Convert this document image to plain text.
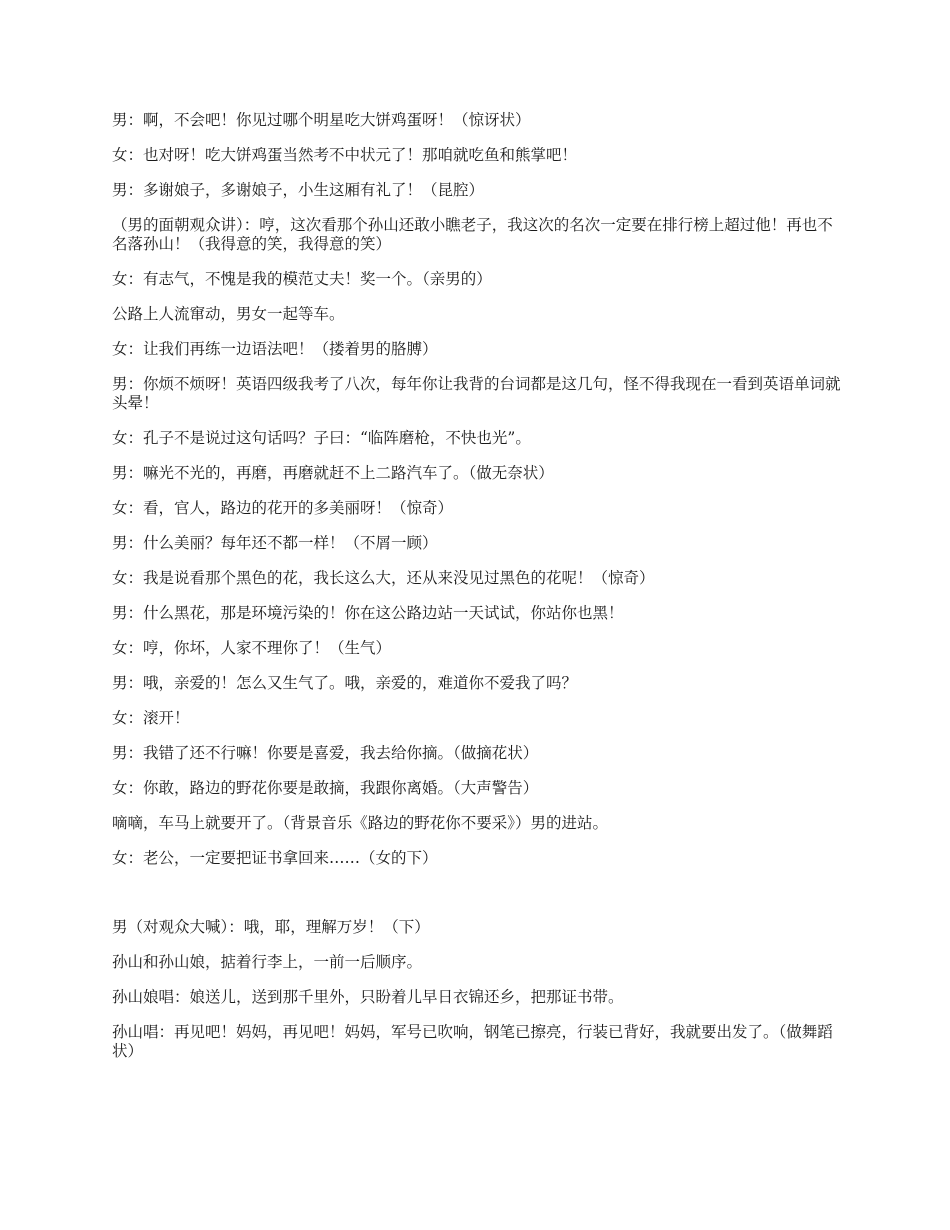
男：啊，不会吧！你见过哪个明星吃大饼鸡蛋呀！（惊讶状）

女：也对呀！吃大饼鸡蛋当然考不中状元了！那咱就吃鱼和熊掌吧！

男：多谢娘子，多谢娘子，小生这厢有礼了！（昆腔）

（男的面朝观众讲）：哼，这次看那个孙山还敢小瞧老子，我这次的名次一定要在排行榜上超过他！再也不名落孙山！（我得意的笑，我得意的笑）

女：有志气，不愧是我的模范丈夫！奖一个。（亲男的）

公路上人流窜动，男女一起等车。

女：让我们再练一边语法吧！（搂着男的胳膊）

男：你烦不烦呀！英语四级我考了八次，每年你让我背的台词都是这几句，怪不得我现在一看到英语单词就头晕！

女：孔子不是说过这句话吗？子曰：“临阵磨枪，不快也光”。

男：嘛光不光的，再磨，再磨就赶不上二路汽车了。（做无奈状）

女：看，官人，路边的花开的多美丽呀！（惊奇）

男：什么美丽？每年还不都一样！（不屑一顾）

女：我是说看那个黑色的花，我长这么大，还从来没见过黑色的花呢！（惊奇）

男：什么黑花，那是环境污染的！你在这公路边站一天试试，你站你也黑！

女：哼，你坏，人家不理你了！（生气）

男：哦，亲爱的！怎么又生气了。哦，亲爱的，难道你不爱我了吗？

女：滚开！

男：我错了还不行嘛！你要是喜爱，我去给你摘。（做摘花状）

女：你敢，路边的野花你要是敢摘，我跟你离婚。（大声警告）

嘀嘀，车马上就要开了。（背景音乐《路边的野花你不要采》）男的进站。

女：老公，一定要把证书拿回来……（女的下）

男（对观众大喊）：哦，耶，理解万岁！（下）

孙山和孙山娘，掂着行李上，一前一后顺序。

孙山娘唱：娘送儿，送到那千里外，只盼着儿早日衣锦还乡，把那证书带。

孙山唱：再见吧！妈妈，再见吧！妈妈，军号已吹响，钢笔已擦亮，行装已背好，我就要出发了。（做舞蹈状）
